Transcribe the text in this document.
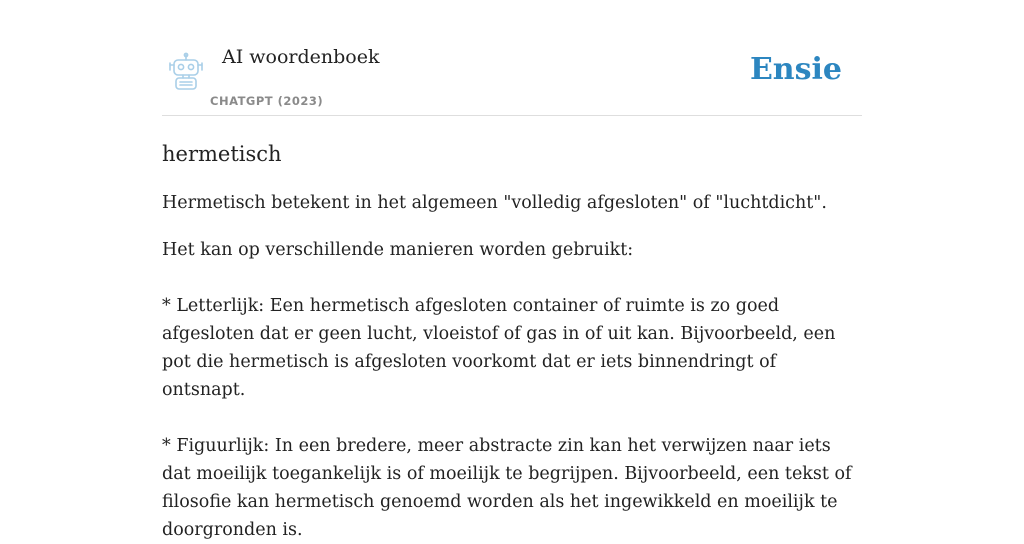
AI woordenboek
CHATGPT (2023)
Ensie
hermetisch

Hermetisch betekent in het algemeen "volledig afgesloten" of "luchtdicht".

Het kan op verschillende manieren worden gebruikt:

* Letterlijk: Een hermetisch afgesloten container of ruimte is zo goed afgesloten dat er geen lucht, vloeistof of gas in of uit kan. Bijvoorbeeld, een pot die hermetisch is afgesloten voorkomt dat er iets binnendringt of ontsnapt.

* Figuurlijk: In een bredere, meer abstracte zin kan het verwijzen naar iets dat moeilijk toegankelijk is of moeilijk te begrijpen. Bijvoorbeeld, een tekst of filosofie kan hermetisch genoemd worden als het ingewikkeld en moeilijk te doorgronden is.
